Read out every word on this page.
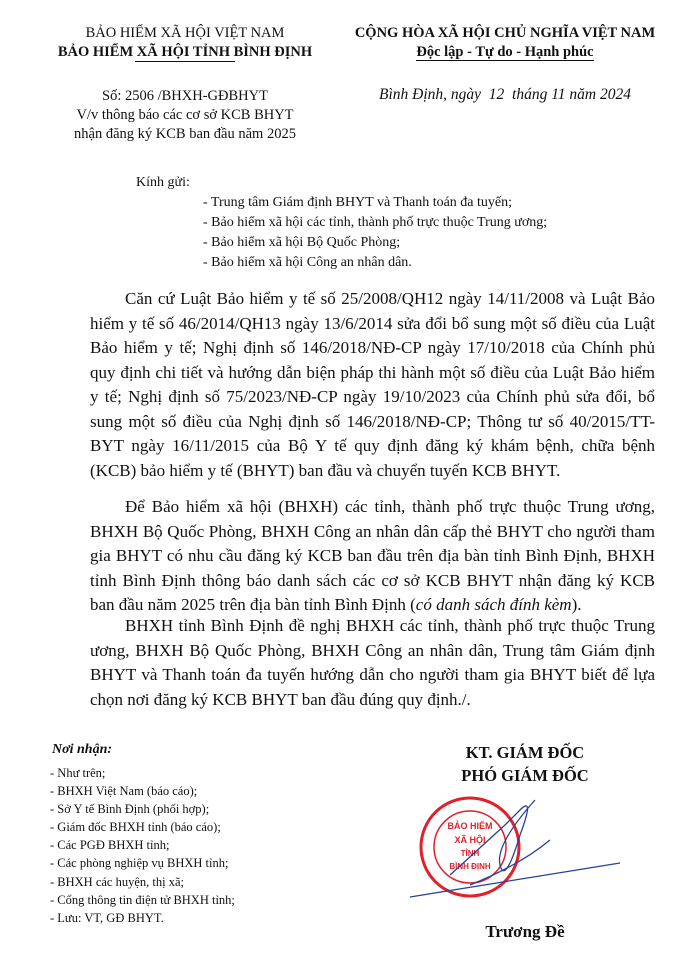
BẢO HIỂM XÃ HỘI VIỆT NAM
BẢO HIỂM XÃ HỘI TỈNH BÌNH ĐỊNH
CỘNG HÒA XÃ HỘI CHỦ NGHĨA VIỆT NAM
Độc lập - Tự do - Hạnh phúc
Số: 2506 /BHXH-GĐBHYT
V/v thông báo các cơ sở KCB BHYT
nhận đăng ký KCB ban đầu năm 2025
Bình Định, ngày  12  tháng 11 năm 2024
Kính gửi:
- Trung tâm Giám định BHYT và Thanh toán đa tuyến;
- Bảo hiểm xã hội các tỉnh, thành phố trực thuộc Trung ương;
- Bảo hiểm xã hội Bộ Quốc Phòng;
- Bảo hiểm xã hội Công an nhân dân.
Căn cứ Luật Bảo hiểm y tế số 25/2008/QH12 ngày 14/11/2008 và Luật Bảo hiểm y tế số 46/2014/QH13 ngày 13/6/2014 sửa đổi bổ sung một số điều của Luật Bảo hiểm y tế; Nghị định số 146/2018/NĐ-CP ngày 17/10/2018 của Chính phủ quy định chi tiết và hướng dẫn biện pháp thi hành một số điều của Luật Bảo hiểm y tế; Nghị định số 75/2023/NĐ-CP ngày 19/10/2023 của Chính phủ sửa đổi, bổ sung một số điều của Nghị định số 146/2018/NĐ-CP; Thông tư số 40/2015/TT-BYT ngày 16/11/2015 của Bộ Y tế quy định đăng ký khám bệnh, chữa bệnh (KCB) bảo hiểm y tế (BHYT) ban đầu và chuyển tuyến KCB BHYT.
Để Bảo hiểm xã hội (BHXH) các tỉnh, thành phố trực thuộc Trung ương, BHXH Bộ Quốc Phòng, BHXH Công an nhân dân cấp thẻ BHYT cho người tham gia BHYT có nhu cầu đăng ký KCB ban đầu trên địa bàn tỉnh Bình Định, BHXH tỉnh Bình Định thông báo danh sách các cơ sở KCB BHYT nhận đăng ký KCB ban đầu năm 2025 trên địa bàn tỉnh Bình Định (có danh sách đính kèm).
BHXH tỉnh Bình Định đề nghị BHXH các tỉnh, thành phố trực thuộc Trung ương, BHXH Bộ Quốc Phòng, BHXH Công an nhân dân, Trung tâm Giám định BHYT và Thanh toán đa tuyến hướng dẫn cho người tham gia BHYT biết để lựa chọn nơi đăng ký KCB BHYT ban đầu đúng quy định./.
Nơi nhận:
- Như trên;
- BHXH Việt Nam (báo cáo);
- Sở Y tế Bình Định (phối hợp);
- Giám đốc BHXH tỉnh (báo cáo);
- Các PGĐ BHXH tỉnh;
- Các phòng nghiệp vụ BHXH tỉnh;
- BHXH các huyện, thị xã;
- Cổng thông tin điện tử BHXH tỉnh;
- Lưu: VT, GĐ BHYT.
KT. GIÁM ĐỐC
PHÓ GIÁM ĐỐC
BẢO HIỂM
XÃ HỘI
TỈNH
BÌNH ĐỊNH
Trương Đề
